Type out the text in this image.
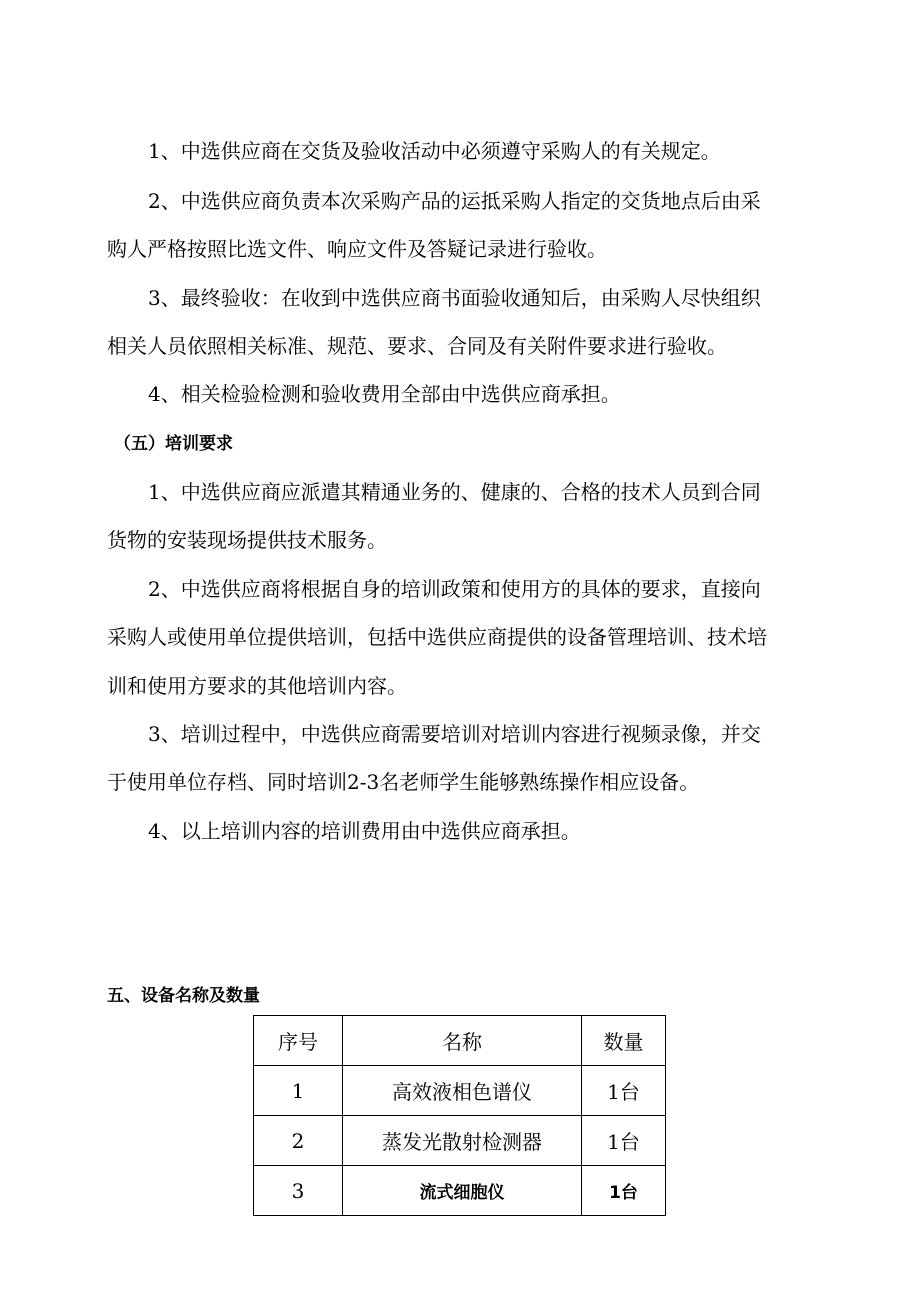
1、中选供应商在交货及验收活动中必须遵守采购人的有关规定。

2、中选供应商负责本次采购产品的运抵采购人指定的交货地点后由采

购人严格按照比选文件、响应文件及答疑记录进行验收。

3、最终验收：在收到中选供应商书面验收通知后，由采购人尽快组织

相关人员依照相关标准、规范、要求、合同及有关附件要求进行验收。

4、相关检验检测和验收费用全部由中选供应商承担。

（五）培训要求

1、中选供应商应派遣其精通业务的、健康的、合格的技术人员到合同

货物的安装现场提供技术服务。

2、中选供应商将根据自身的培训政策和使用方的具体的要求，直接向

采购人或使用单位提供培训，包括中选供应商提供的设备管理培训、技术培

训和使用方要求的其他培训内容。

3、培训过程中，中选供应商需要培训对培训内容进行视频录像，并交

于使用单位存档、同时培训2-3名老师学生能够熟练操作相应设备。

4、以上培训内容的培训费用由中选供应商承担。

五、设备名称及数量

序号	名称	数量
1	高效液相色谱仪	1台
2	蒸发光散射检测器	1台
3	流式细胞仪	1台
